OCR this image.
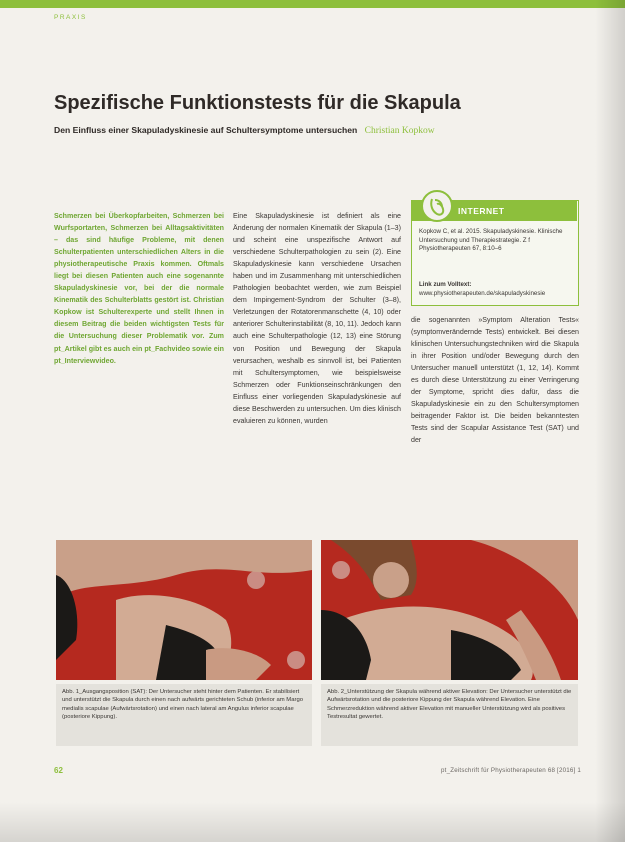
PRAXIS
Spezifische Funktionstests für die Skapula
Den Einfluss einer Skapuladyskinesie auf Schultersymptome untersuchen Christian Kopkow
Schmerzen bei Überkopfarbeiten, Schmerzen bei Wurfsportarten, Schmerzen bei Alltagsaktivitäten – das sind häufige Probleme, mit denen Schulterpatienten unterschiedlichen Alters in die physiotherapeutische Praxis kommen. Oftmals liegt bei diesen Patienten auch eine sogenannte Skapuladyskinesie vor, bei der die normale Kinematik des Schulterblatts gestört ist. Christian Kopkow ist Schulterexperte und stellt Ihnen in diesem Beitrag die beiden wichtigsten Tests für die Untersuchung dieser Problematik vor. Zum pt_Artikel gibt es auch ein pt_Fachvideo sowie ein pt_Interviewvideo.
Eine Skapuladyskinesie ist definiert als eine Änderung der normalen Kinematik der Skapula (1–3) und scheint eine unspezifische Antwort auf verschiedene Schulterpathologien zu sein (2). Eine Skapuladyskinesie kann verschiedene Ursachen haben und im Zusammenhang mit unterschiedlichen Pathologien beobachtet werden, wie zum Beispiel dem Impingement-Syndrom der Schulter (3–8), Verletzungen der Rotatorenmanschette (4, 10) oder anteriorer Schulterinstabilität (8, 10, 11). Jedoch kann auch eine Schulterpathologie (12, 13) eine Störung von Position und Bewegung der Skapula verursachen, weshalb es sinnvoll ist, bei Patienten mit Schultersymptomen, wie beispielsweise Schmerzen oder Funktionseinschränkungen den Einfluss einer vorliegenden Skapuladyskinesie auf diese Beschwerden zu untersuchen. Um dies klinisch evaluieren zu können, wurden
INTERNET
Kopkow C, et al. 2015. Skapuladyskinesie. Klinische Untersuchung und Therapiestrategie. Z f Physiotherapeuten 67, 8:10–6
Link zum Volltext: www.physiotherapeuten.de/skapuladyskinesie
die sogenannten »Symptom Alteration Tests« (symptomverändernde Tests) entwickelt. Bei diesen klinischen Untersuchungstechniken wird die Skapula in ihrer Position und/oder Bewegung durch den Untersucher manuell unterstützt (1, 12, 14). Kommt es durch diese Unterstützung zu einer Verringerung der Symptome, spricht dies dafür, dass die Skapuladyskinesie ein zu den Schultersymptomen beitragender Faktor ist. Die beiden bekanntesten Tests sind der Scapular Assistance Test (SAT) und der
Abb. 1_Ausgangsposition (SAT): Der Untersucher steht hinter dem Patienten. Er stabilisiert und unterstützt die Skapula durch einen nach aufwärts gerichteten Schub (inferior am Margo medialis scapulae (Aufwärtsrotation) und einen nach lateral am Angulus inferior scapulae (posteriore Kippung).
Abb. 2_Unterstützung der Skapula während aktiver Elevation: Der Untersucher unterstützt die Aufwärtsrotation und die posteriore Kippung der Skapula während Elevation. Eine Schmerzreduktion während aktiver Elevation mit manueller Unterstützung wird als positives Testresultat gewertet.
62	pt_Zeitschrift für Physiotherapeuten 68 [2016] 1
